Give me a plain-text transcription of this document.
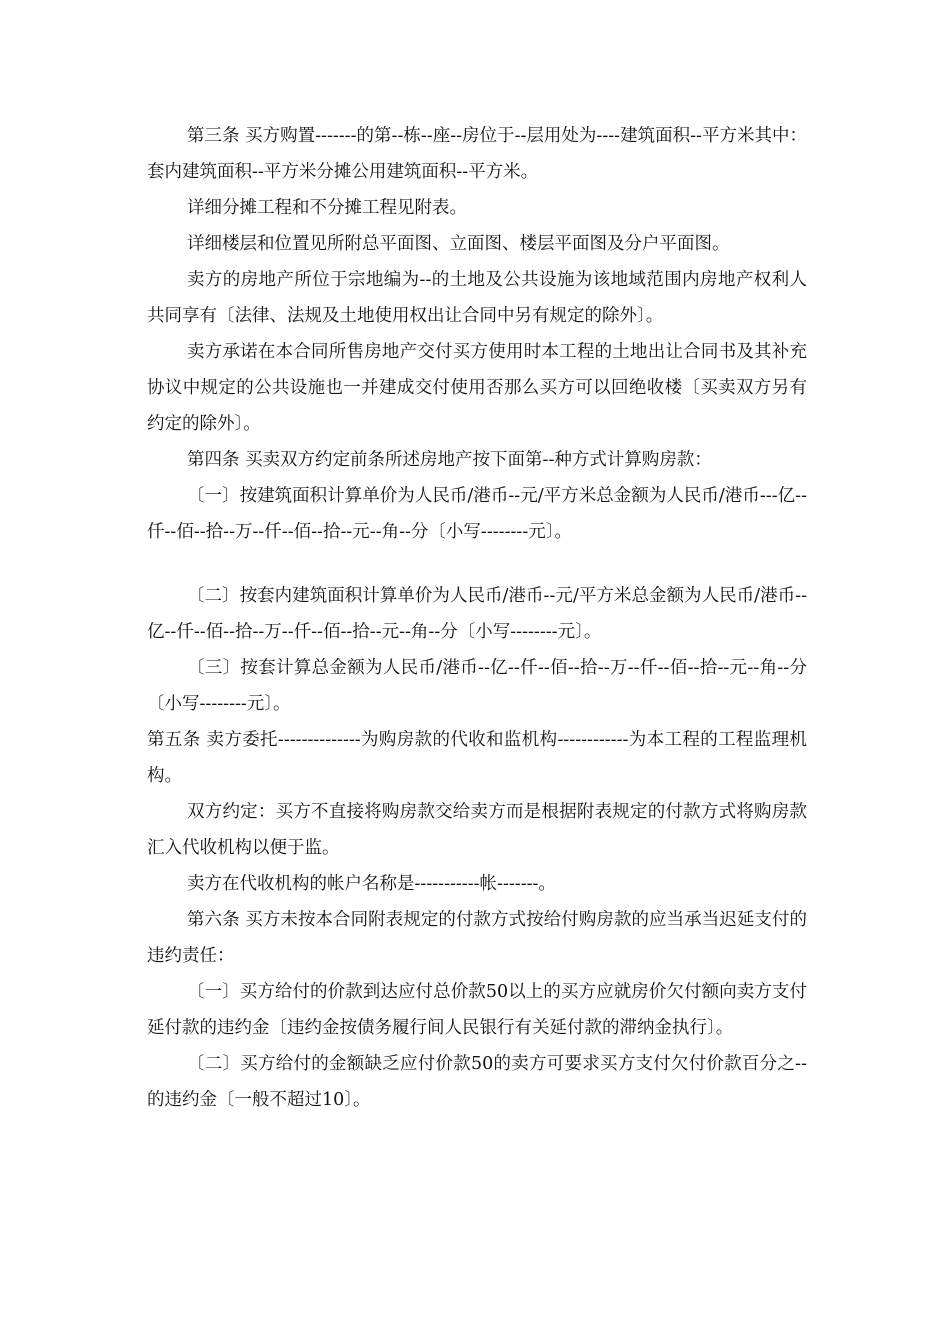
第三条 买方购置-------的第--栋--座--房位于--层用处为----建筑面积--平方米其中：套内建筑面积--平方米分摊公用建筑面积--平方米。

详细分摊工程和不分摊工程见附表。

详细楼层和位置见所附总平面图、立面图、楼层平面图及分户平面图。

卖方的房地产所位于宗地编为--的土地及公共设施为该地域范围内房地产权利人共同享有〔法律、法规及土地使用权出让合同中另有规定的除外〕。

卖方承诺在本合同所售房地产交付买方使用时本工程的土地出让合同书及其补充协议中规定的公共设施也一并建成交付使用否那么买方可以回绝收楼〔买卖双方另有约定的除外〕。

第四条 买卖双方约定前条所述房地产按下面第--种方式计算购房款：

〔一〕按建筑面积计算单价为人民币/港币--元/平方米总金额为人民币/港币---亿--仟--佰--拾--万--仟--佰--拾--元--角--分〔小写--------元〕。

〔二〕按套内建筑面积计算单价为人民币/港币--元/平方米总金额为人民币/港币--亿--仟--佰--拾--万--仟--佰--拾--元--角--分〔小写--------元〕。

〔三〕按套计算总金额为人民币/港币--亿--仟--佰--拾--万--仟--佰--拾--元--角--分〔小写--------元〕。

第五条 卖方委托--------------为购房款的代收和监机构------------为本工程的工程监理机构。

双方约定：买方不直接将购房款交给卖方而是根据附表规定的付款方式将购房款汇入代收机构以便于监。

卖方在代收机构的帐户名称是-----------帐-------。

第六条 买方未按本合同附表规定的付款方式按给付购房款的应当承当迟延支付的违约责任：

〔一〕买方给付的价款到达应付总价款50以上的买方应就房价欠付额向卖方支付延付款的违约金〔违约金按债务履行间人民银行有关延付款的滞纳金执行〕。

〔二〕买方给付的金额缺乏应付价款50的卖方可要求买方支付欠付价款百分之--的违约金〔一般不超过10〕。
